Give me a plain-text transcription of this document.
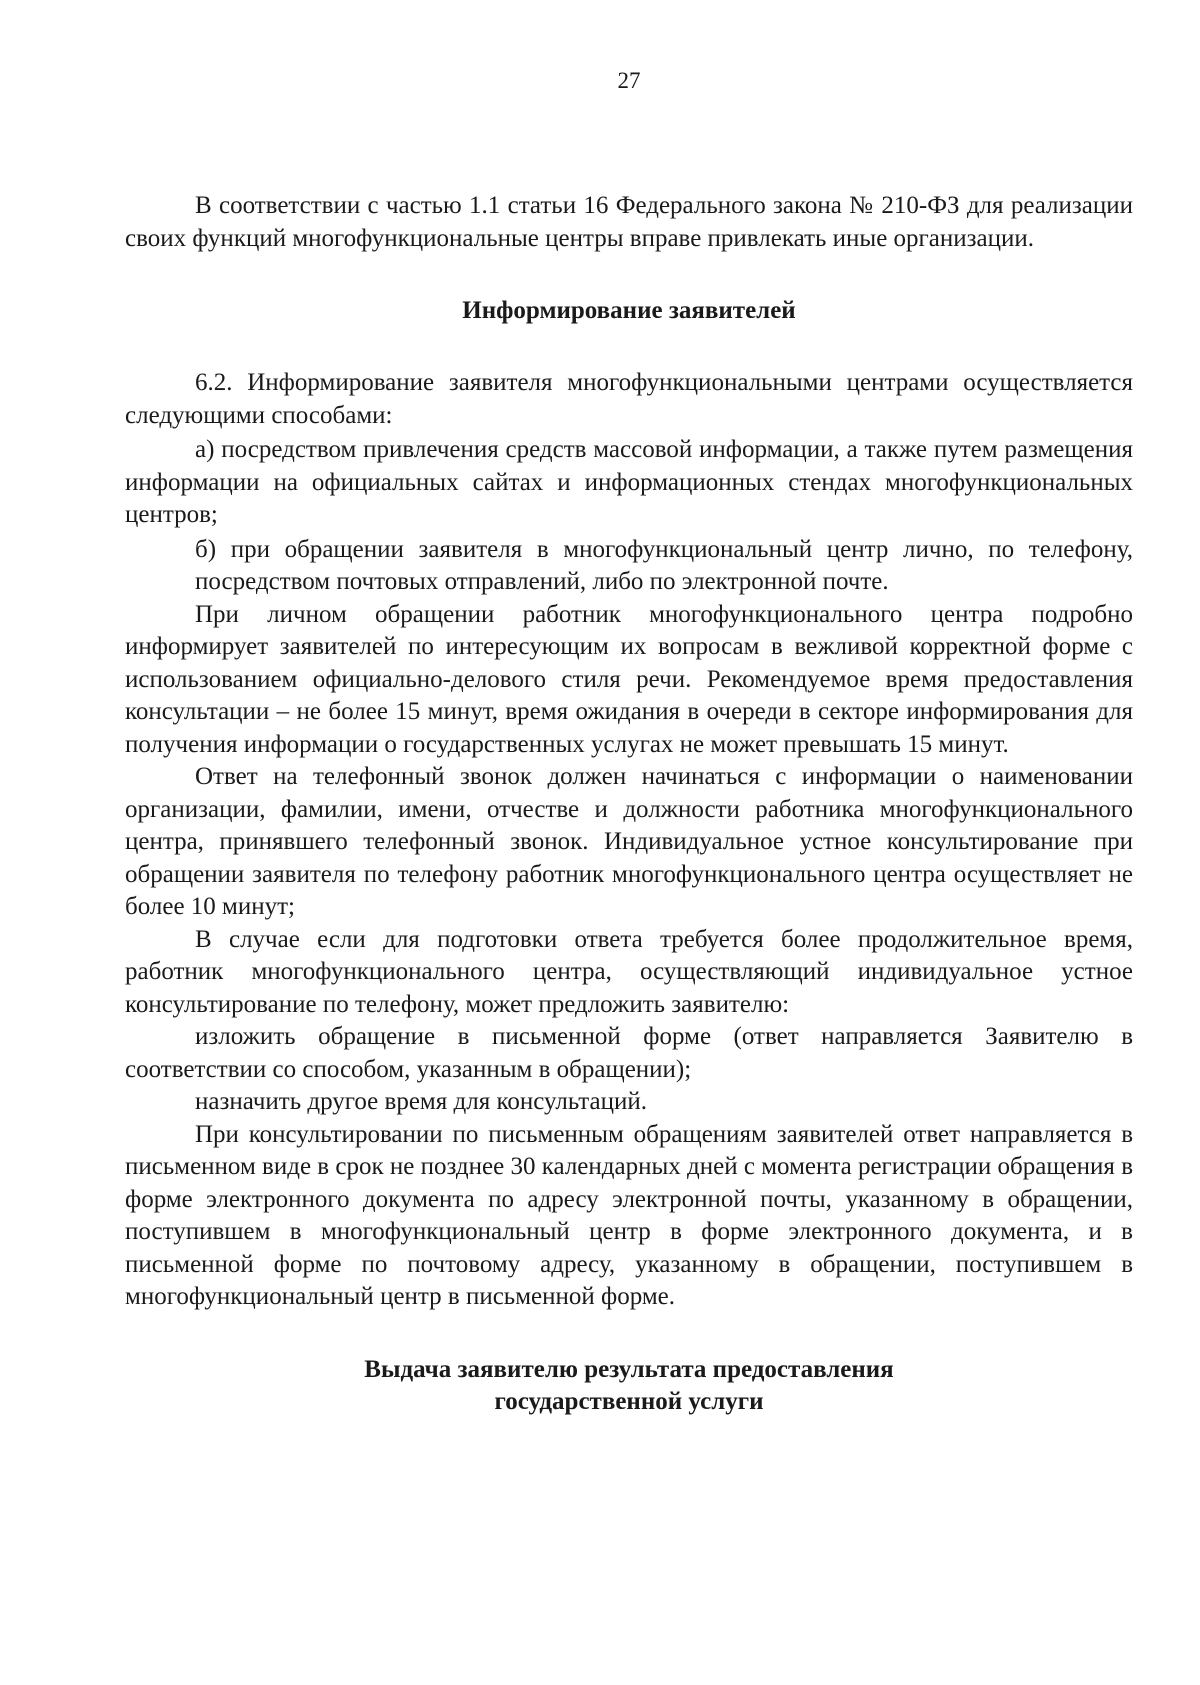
27

В соответствии с частью 1.1 статьи 16 Федерального закона № 210-ФЗ для реализации своих функций многофункциональные центры вправе привлекать иные организации.

Информирование заявителей

6.2. Информирование заявителя многофункциональными центрами осуществляется следующими способами:

а) посредством привлечения средств массовой информации, а также путем размещения информации на официальных сайтах и информационных стендах многофункциональных центров;

б) при обращении заявителя в многофункциональный центр лично, по телефону, посредством почтовых отправлений, либо по электронной почте.

При личном обращении работник многофункционального центра подробно информирует заявителей по интересующим их вопросам в вежливой корректной форме с использованием официально-делового стиля речи. Рекомендуемое время предоставления консультации – не более 15 минут, время ожидания в очереди в секторе информирования для получения информации о государственных услугах не может превышать 15 минут.

Ответ на телефонный звонок должен начинаться с информации о наименовании организации, фамилии, имени, отчестве и должности работника многофункционального центра, принявшего телефонный звонок. Индивидуальное устное консультирование при обращении заявителя по телефону работник многофункционального центра осуществляет не более 10 минут;

В случае если для подготовки ответа требуется более продолжительное время, работник многофункционального центра, осуществляющий индивидуальное устное консультирование по телефону, может предложить заявителю:

изложить обращение в письменной форме (ответ направляется Заявителю в соответствии со способом, указанным в обращении);

назначить другое время для консультаций.

При консультировании по письменным обращениям заявителей ответ направляется в письменном виде в срок не позднее 30 календарных дней с момента регистрации обращения в форме электронного документа по адресу электронной почты, указанному в обращении, поступившем в многофункциональный центр в форме электронного документа, и в письменной форме по почтовому адресу, указанному в обращении, поступившем в многофункциональный центр в письменной форме.

Выдача заявителю результата предоставления
государственной услуги
